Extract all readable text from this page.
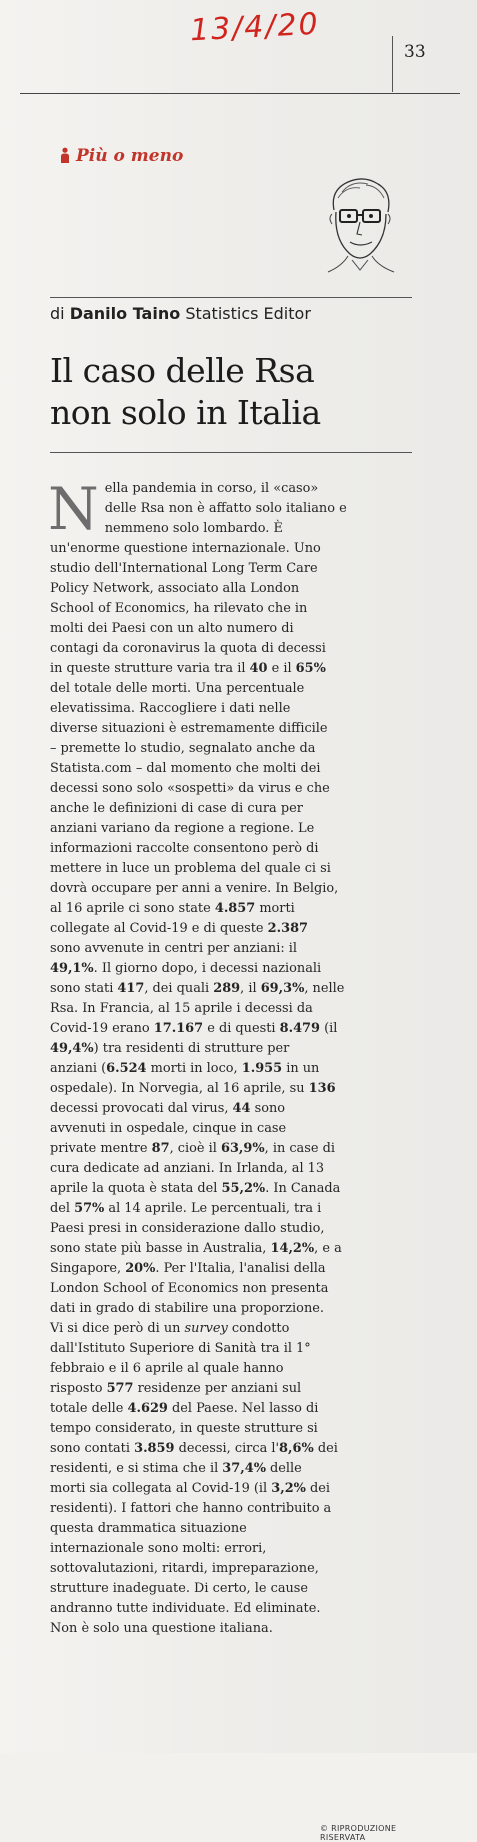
13/4/20
33
Più o meno
di Danilo Taino Statistics Editor
Il caso delle Rsa
non solo in Italia
N ella pandemia in corso, il «caso»
delle Rsa non è affatto solo italiano e
nemmeno solo lombardo. È
un'enorme questione internazionale. Uno
studio dell'International Long Term Care
Policy Network, associato alla London
School of Economics, ha rilevato che in
molti dei Paesi con un alto numero di
contagi da coronavirus la quota di decessi
in queste strutture varia tra il 40 e il 65%
del totale delle morti. Una percentuale
elevatissima. Raccogliere i dati nelle
diverse situazioni è estremamente difficile
– premette lo studio, segnalato anche da
Statista.com – dal momento che molti dei
decessi sono solo «sospetti» da virus e che
anche le definizioni di case di cura per
anziani variano da regione a regione. Le
informazioni raccolte consentono però di
mettere in luce un problema del quale ci si
dovrà occupare per anni a venire. In Belgio,
al 16 aprile ci sono state 4.857 morti
collegate al Covid-19 e di queste 2.387
sono avvenute in centri per anziani: il
49,1%. Il giorno dopo, i decessi nazionali
sono stati 417, dei quali 289, il 69,3%, nelle
Rsa. In Francia, al 15 aprile i decessi da
Covid-19 erano 17.167 e di questi 8.479 (il
49,4%) tra residenti di strutture per
anziani (6.524 morti in loco, 1.955 in un
ospedale). In Norvegia, al 16 aprile, su 136
decessi provocati dal virus, 44 sono
avvenuti in ospedale, cinque in case
private mentre 87, cioè il 63,9%, in case di
cura dedicate ad anziani. In Irlanda, al 13
aprile la quota è stata del 55,2%. In Canada
del 57% al 14 aprile. Le percentuali, tra i
Paesi presi in considerazione dallo studio,
sono state più basse in Australia, 14,2%, e a
Singapore, 20%. Per l'Italia, l'analisi della
London School of Economics non presenta
dati in grado di stabilire una proporzione.
Vi si dice però di un survey condotto
dall'Istituto Superiore di Sanità tra il 1°
febbraio e il 6 aprile al quale hanno
risposto 577 residenze per anziani sul
totale delle 4.629 del Paese. Nel lasso di
tempo considerato, in queste strutture si
sono contati 3.859 decessi, circa l'8,6% dei
residenti, e si stima che il 37,4% delle
morti sia collegata al Covid-19 (il 3,2% dei
residenti). I fattori che hanno contribuito a
questa drammatica situazione
internazionale sono molti: errori,
sottovalutazioni, ritardi, impreparazione,
strutture inadeguate. Di certo, le cause
andranno tutte individuate. Ed eliminate.
Non è solo una questione italiana.
© RIPRODUZIONE RISERVATA
